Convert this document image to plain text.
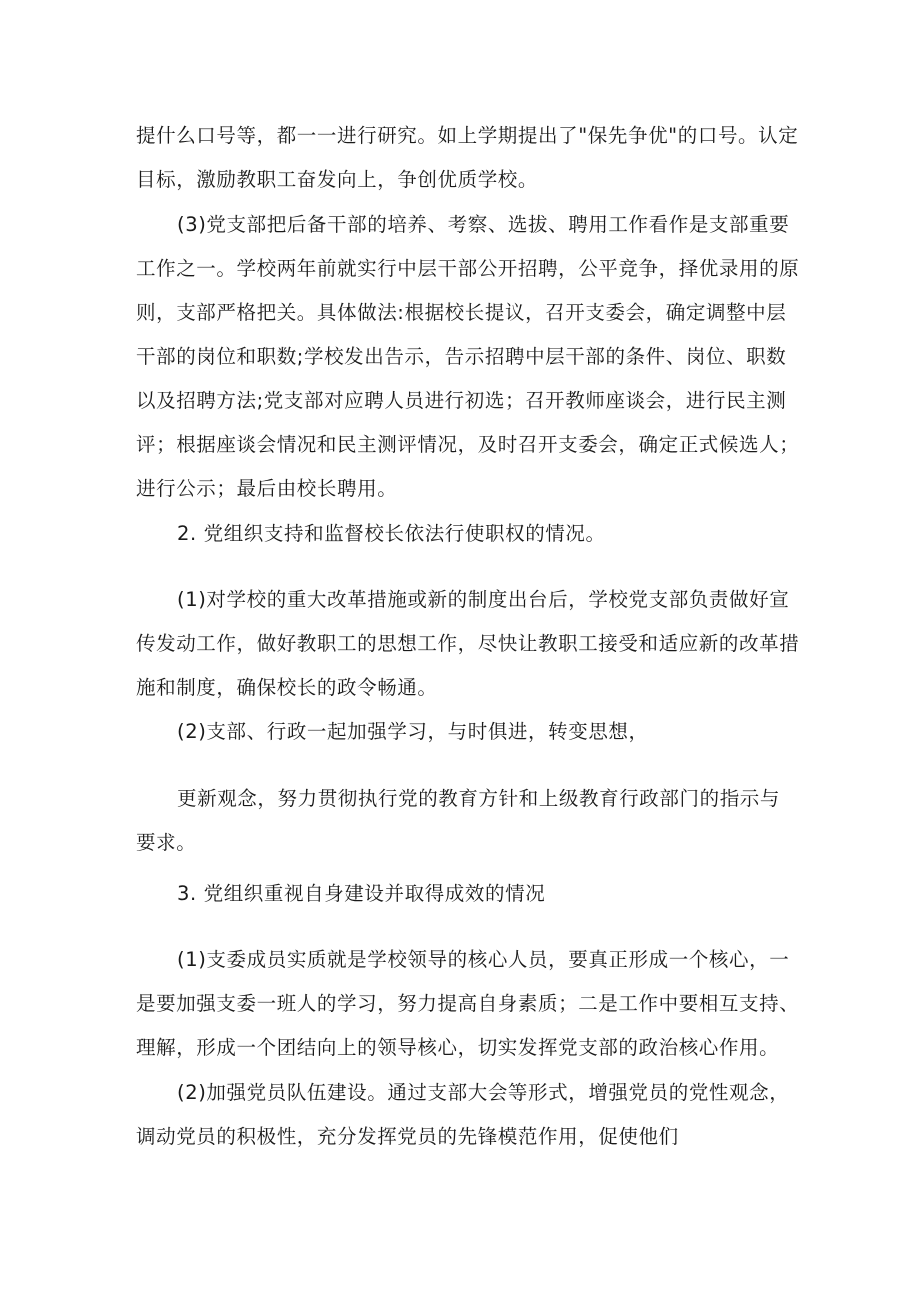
提什么口号等，都一一进行研究。如上学期提出了"保先争优"的口号。认定
目标，激励教职工奋发向上，争创优质学校。
(3)党支部把后备干部的培养、考察、选拔、聘用工作看作是支部重要
工作之一。学校两年前就实行中层干部公开招聘，公平竞争，择优录用的原
则，支部严格把关。具体做法:根据校长提议，召开支委会，确定调整中层
干部的岗位和职数;学校发出告示，告示招聘中层干部的条件、岗位、职数
以及招聘方法;党支部对应聘人员进行初选；召开教师座谈会，进行民主测
评；根据座谈会情况和民主测评情况，及时召开支委会，确定正式候选人；
进行公示；最后由校长聘用。
2. 党组织支持和监督校长依法行使职权的情况。
(1)对学校的重大改革措施或新的制度出台后，学校党支部负责做好宣
传发动工作，做好教职工的思想工作，尽快让教职工接受和适应新的改革措
施和制度，确保校长的政令畅通。
(2)支部、行政一起加强学习，与时俱进，转变思想，
更新观念，努力贯彻执行党的教育方针和上级教育行政部门的指示与
要求。
3. 党组织重视自身建设并取得成效的情况
(1)支委成员实质就是学校领导的核心人员，要真正形成一个核心，一
是要加强支委一班人的学习，努力提高自身素质；二是工作中要相互支持、
理解，形成一个团结向上的领导核心，切实发挥党支部的政治核心作用。
(2)加强党员队伍建设。通过支部大会等形式，增强党员的党性观念，
调动党员的积极性，充分发挥党员的先锋模范作用，促使他们
